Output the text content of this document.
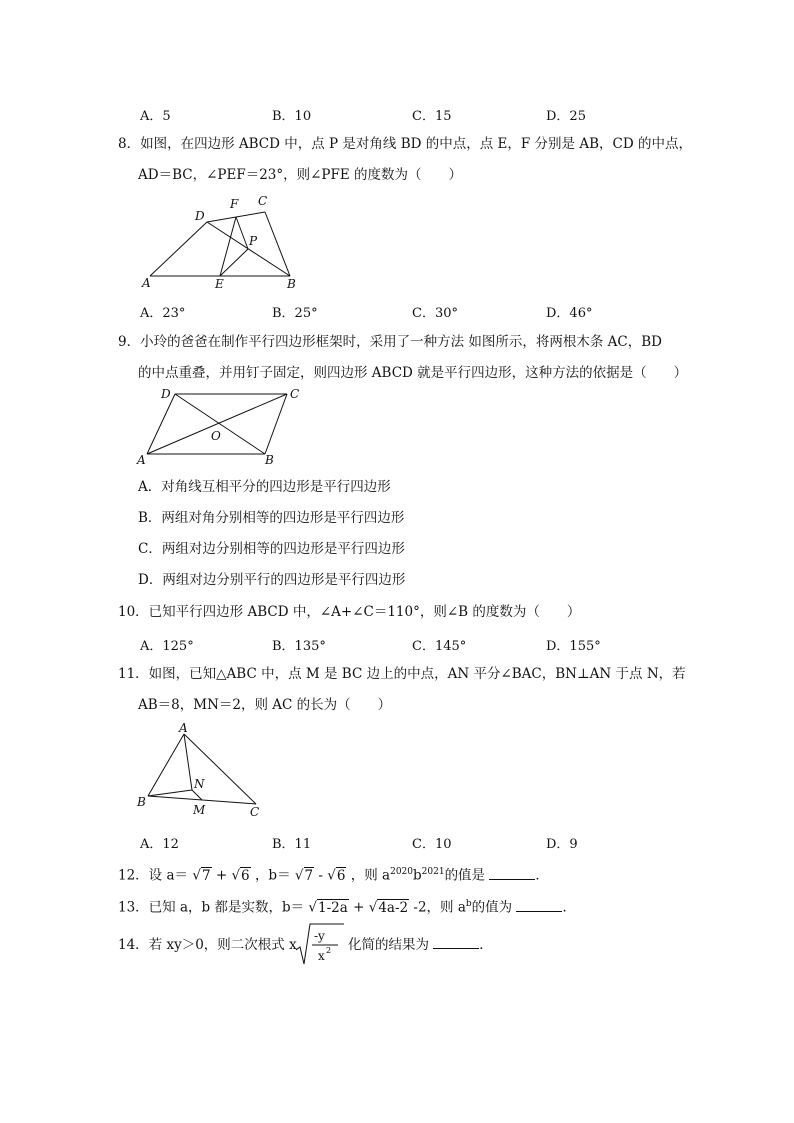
A．5	B．10	C．15	D．25
8．如图，在四边形 ABCD 中，点 P 是对角线 BD 的中点，点 E，F 分别是 AB，CD 的中点，
AD＝BC，∠PEF＝23°，则∠PFE 的度数为（　　）
D
F C
P
A	E	B
A．23°	B．25°	C．30°	D．46°
9．小玲的爸爸在制作平行四边形框架时，采用了一种方法 如图所示，将两根木条 AC，BD
的中点重叠，并用钉子固定，则四边形 ABCD 就是平行四边形，这种方法的依据是（　　）
D	C
O
A	B
A．对角线互相平分的四边形是平行四边形
B．两组对角分别相等的四边形是平行四边形
C．两组对边分别相等的四边形是平行四边形
D．两组对边分别平行的四边形是平行四边形
10．已知平行四边形 ABCD 中，∠A+∠C＝110°，则∠B 的度数为（　　）
A．125°	B．135°	C．145°	D．155°
11．如图，已知△ABC 中，点 M 是 BC 边上的中点，AN 平分∠BAC，BN⊥AN 于点 N，若
AB＝8，MN＝2，则 AC 的长为（　　）
A
N
B
M	C
A．12	B．11	C．10	D．9
12．设 a＝ √7 + √6 ，b＝ √7 - √6 ，则 $a^{2020}b^{2021}$的值是	．
13．已知 a，b 都是实数，b＝ √1-2a + √4a-2 -2，则 $a^b$的值为	．
14．若 xy＞0，则二次根式 x
-y
x 2 化简的结果为	．
